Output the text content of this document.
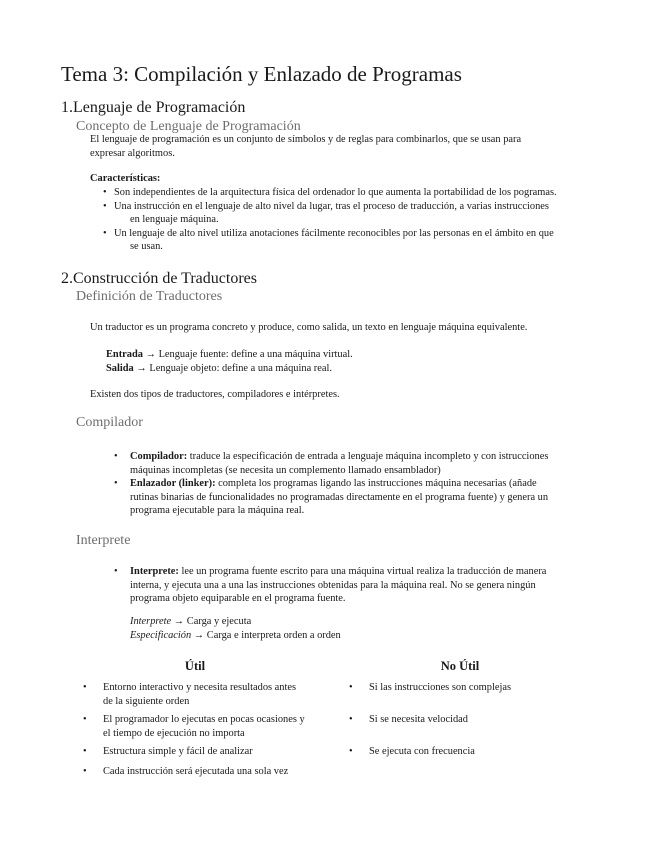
Tema 3: Compilación y Enlazado de Programas
1.Lenguaje de Programación
Concepto de Lenguaje de Programación
El lenguaje de programación es un conjunto de símbolos y de reglas para combinarlos, que se usan para
expresar algoritmos.
Características:
• Son independientes de la arquitectura física del ordenador lo que aumenta la portabilidad de los pogramas.
• Una instrucción en el lenguaje de alto nivel da lugar, tras el proceso de traducción, a varias instrucciones
en lenguaje máquina.
• Un lenguaje de alto nivel utiliza anotaciones fácilmente reconocibles por las personas en el ámbito en que
se usan.
2.Construcción de Traductores
Definición de Traductores
Un traductor es un programa concreto y produce, como salida, un texto en lenguaje máquina equivalente.
Entrada → Lenguaje fuente: define a una máquina virtual.
Salida → Lenguaje objeto: define a una máquina real.
Existen dos tipos de traductores, compiladores e intérpretes.
Compilador
• Compilador: traduce la especificación de entrada a lenguaje máquina incompleto y con istrucciones
máquinas incompletas (se necesita un complemento llamado ensamblador)
• Enlazador (linker): completa los programas ligando las instrucciones máquina necesarias (añade
rutinas binarias de funcionalidades no programadas directamente en el programa fuente) y genera un
programa ejecutable para la máquina real.
Interprete
• Interprete: lee un programa fuente escrito para una máquina virtual realiza la traducción de manera
interna, y ejecuta una a una las instrucciones obtenidas para la máquina real. No se genera ningún
programa objeto equiparable en el programa fuente.
Interprete → Carga y ejecuta
Especificación → Carga e interpreta orden a orden
Útil	No Útil
• Entorno interactivo y necesita resultados antes
de la siguiente orden
• El programador lo ejecutas en pocas ocasiones y
el tiempo de ejecución no importa
• Estructura simple y fácil de analizar
• Cada instrucción será ejecutada una sola vez
• Si las instrucciones son complejas
• Si se necesita velocidad
• Se ejecuta con frecuencia
